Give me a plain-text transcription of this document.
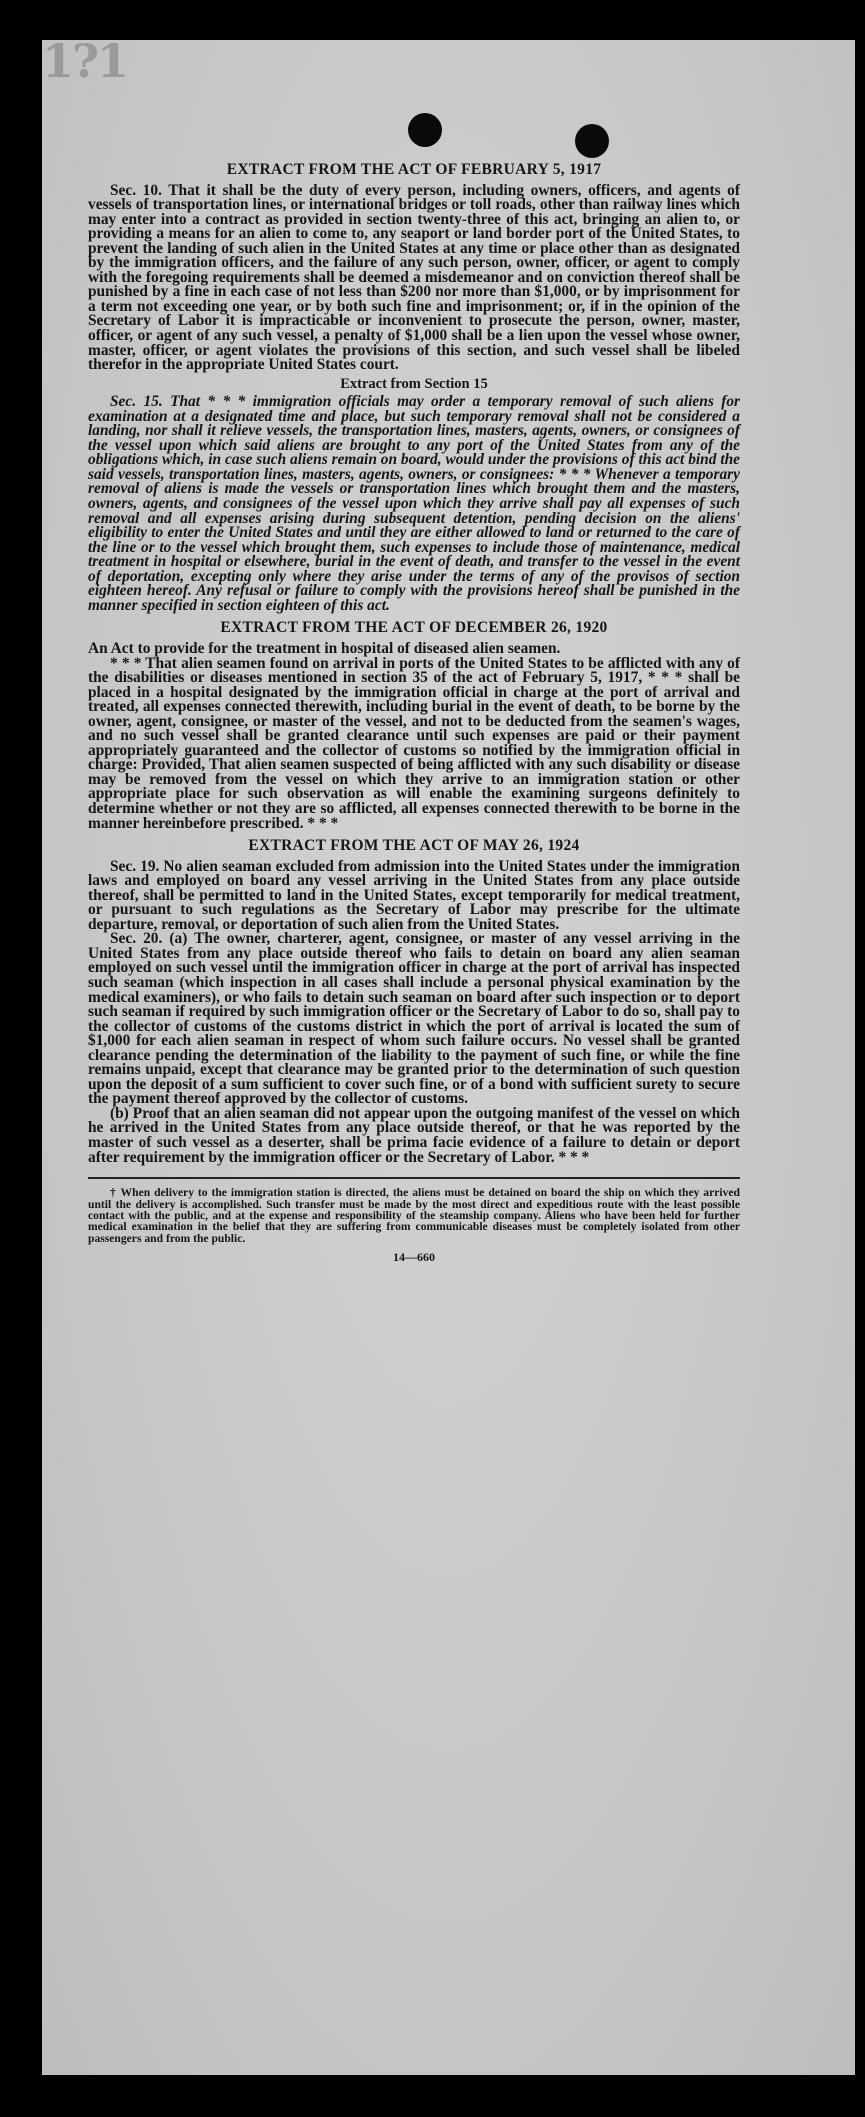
1?1
EXTRACT FROM THE ACT OF FEBRUARY 5, 1917

Sec. 10. That it shall be the duty of every person, including owners, officers, and agents of vessels of transportation lines, or international bridges or toll roads, other than railway lines which may enter into a contract as provided in section twenty-three of this act, bringing an alien to, or providing a means for an alien to come to, any seaport or land border port of the United States, to prevent the landing of such alien in the United States at any time or place other than as designated by the immigration officers, and the failure of any such person, owner, officer, or agent to comply with the foregoing requirements shall be deemed a misdemeanor and on conviction thereof shall be punished by a fine in each case of not less than $200 nor more than $1,000, or by imprisonment for a term not exceeding one year, or by both such fine and imprisonment; or, if in the opinion of the Secretary of Labor it is impracticable or inconvenient to prosecute the person, owner, master, officer, or agent of any such vessel, a penalty of $1,000 shall be a lien upon the vessel whose owner, master, officer, or agent violates the provisions of this section, and such vessel shall be libeled therefor in the appropriate United States court.

Extract from Section 15

Sec. 15. That * * * immigration officials may order a temporary removal of such aliens for examination at a designated time and place, but such temporary removal shall not be considered a landing, nor shall it relieve vessels, the transportation lines, masters, agents, owners, or consignees of the vessel upon which said aliens are brought to any port of the United States from any of the obligations which, in case such aliens remain on board, would under the provisions of this act bind the said vessels, transportation lines, masters, agents, owners, or consignees: * * * Whenever a temporary removal of aliens is made the vessels or transportation lines which brought them and the masters, owners, agents, and consignees of the vessel upon which they arrive shall pay all expenses of such removal and all expenses arising during subsequent detention, pending decision on the aliens' eligibility to enter the United States and until they are either allowed to land or returned to the care of the line or to the vessel which brought them, such expenses to include those of maintenance, medical treatment in hospital or elsewhere, burial in the event of death, and transfer to the vessel in the event of deportation, excepting only where they arise under the terms of any of the provisos of section eighteen hereof. Any refusal or failure to comply with the provisions hereof shall be punished in the manner specified in section eighteen of this act.

EXTRACT FROM THE ACT OF DECEMBER 26, 1920

An Act to provide for the treatment in hospital of diseased alien seamen.

* * * That alien seamen found on arrival in ports of the United States to be afflicted with any of the disabilities or diseases mentioned in section 35 of the act of February 5, 1917, * * * shall be placed in a hospital designated by the immigration official in charge at the port of arrival and treated, all expenses connected therewith, including burial in the event of death, to be borne by the owner, agent, consignee, or master of the vessel, and not to be deducted from the seamen's wages, and no such vessel shall be granted clearance until such expenses are paid or their payment appropriately guaranteed and the collector of customs so notified by the immigration official in charge: Provided, That alien seamen suspected of being afflicted with any such disability or disease may be removed from the vessel on which they arrive to an immigration station or other appropriate place for such observation as will enable the examining surgeons definitely to determine whether or not they are so afflicted, all expenses connected therewith to be borne in the manner hereinbefore prescribed. * * *

EXTRACT FROM THE ACT OF MAY 26, 1924

Sec. 19. No alien seaman excluded from admission into the United States under the immigration laws and employed on board any vessel arriving in the United States from any place outside thereof, shall be permitted to land in the United States, except temporarily for medical treatment, or pursuant to such regulations as the Secretary of Labor may prescribe for the ultimate departure, removal, or deportation of such alien from the United States.

Sec. 20. (a) The owner, charterer, agent, consignee, or master of any vessel arriving in the United States from any place outside thereof who fails to detain on board any alien seaman employed on such vessel until the immigration officer in charge at the port of arrival has inspected such seaman (which inspection in all cases shall include a personal physical examination by the medical examiners), or who fails to detain such seaman on board after such inspection or to deport such seaman if required by such immigration officer or the Secretary of Labor to do so, shall pay to the collector of customs of the customs district in which the port of arrival is located the sum of $1,000 for each alien seaman in respect of whom such failure occurs. No vessel shall be granted clearance pending the determination of the liability to the payment of such fine, or while the fine remains unpaid, except that clearance may be granted prior to the determination of such question upon the deposit of a sum sufficient to cover such fine, or of a bond with sufficient surety to secure the payment thereof approved by the collector of customs.

(b) Proof that an alien seaman did not appear upon the outgoing manifest of the vessel on which he arrived in the United States from any place outside thereof, or that he was reported by the master of such vessel as a deserter, shall be prima facie evidence of a failure to detain or deport after requirement by the immigration officer or the Secretary of Labor. * * *

† When delivery to the immigration station is directed, the aliens must be detained on board the ship on which they arrived until the delivery is accomplished. Such transfer must be made by the most direct and expeditious route with the least possible contact with the public, and at the expense and responsibility of the steamship company. Aliens who have been held for further medical examination in the belief that they are suffering from communicable diseases must be completely isolated from other passengers and from the public.

14—660
